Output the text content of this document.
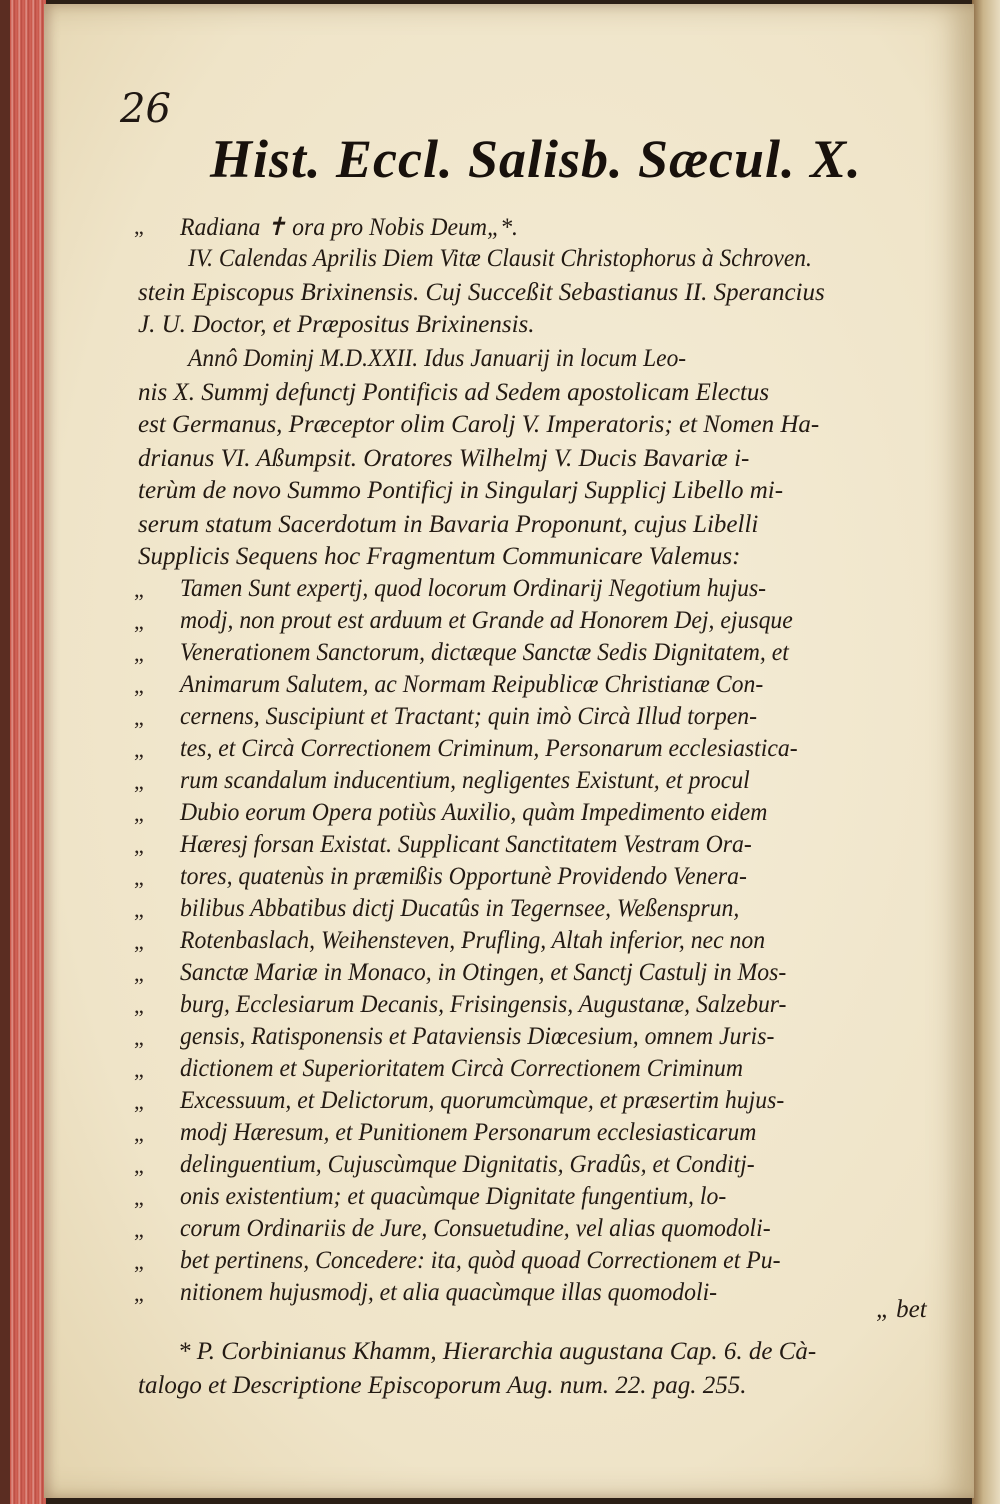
26
Hist. Eccl. Salisb. Sæcul. X.
„	Radiana ✝ ora pro Nobis Deum„*.
IV. Calendas Aprilis Diem Vitæ Clausit Christophorus à Schroven.
stein Episcopus Brixinensis. Cuj Succeßit Sebastianus II. Sperancius
J. U. Doctor, et Præpositus Brixinensis.
Annô Dominj M.D.XXII. Idus Januarij in locum Leo-
nis X. Summj defunctj Pontificis ad Sedem apostolicam Electus
est Germanus, Præceptor olim Carolj V. Imperatoris; et Nomen Ha-
drianus VI. Aßumpsit. Oratores Wilhelmj V. Ducis Bavariæ i-
terùm de novo Summo Pontificj in Singularj Supplicj Libello mi-
serum statum Sacerdotum in Bavaria Proponunt, cujus Libelli
Supplicis Sequens hoc Fragmentum Communicare Valemus:
„	Tamen Sunt expertj, quod locorum Ordinarij Negotium hujus-
„	modj, non prout est arduum et Grande ad Honorem Dej, ejusque
„	Venerationem Sanctorum, dictæque Sanctæ Sedis Dignitatem, et
„	Animarum Salutem, ac Normam Reipublicæ Christianæ Con-
„	cernens, Suscipiunt et Tractant; quin imò Circà Illud torpen-
„	tes, et Circà Correctionem Criminum, Personarum ecclesiastica-
„	rum scandalum inducentium, negligentes Existunt, et procul
„	Dubio eorum Opera potiùs Auxilio, quàm Impedimento eidem
„	Hæresj forsan Existat. Supplicant Sanctitatem Vestram Ora-
„	tores, quatenùs in præmißis Opportunè Providendo Venera-
„	bilibus Abbatibus dictj Ducatûs in Tegernsee, Weßensprun,
„	Rotenbaslach, Weihensteven, Prufling, Altah inferior, nec non
„	Sanctæ Mariæ in Monaco, in Otingen, et Sanctj Castulj in Mos-
„	burg, Ecclesiarum Decanis, Frisingensis, Augustanæ, Salzebur-
„	gensis, Ratisponensis et Pataviensis Diœcesium, omnem Juris-
„	dictionem et Superioritatem Circà Correctionem Criminum
„	Excessuum, et Delictorum, quorumcùmque, et præsertim hujus-
„	modj Hæresum, et Punitionem Personarum ecclesiasticarum
„	delinguentium, Cujuscùmque Dignitatis, Gradûs, et Conditj-
„	onis existentium; et quacùmque Dignitate fungentium, lo-
„	corum Ordinariis de Jure, Consuetudine, vel alias quomodoli-
„	bet pertinens, Concedere: ita, quòd quoad Correctionem et Pu-
„	nitionem hujusmodj, et alia quacùmque illas quomodoli-
„ bet
* P. Corbinianus Khamm, Hierarchia augustana Cap. 6. de Cà-
talogo et Descriptione Episcoporum Aug. num. 22. pag. 255.
